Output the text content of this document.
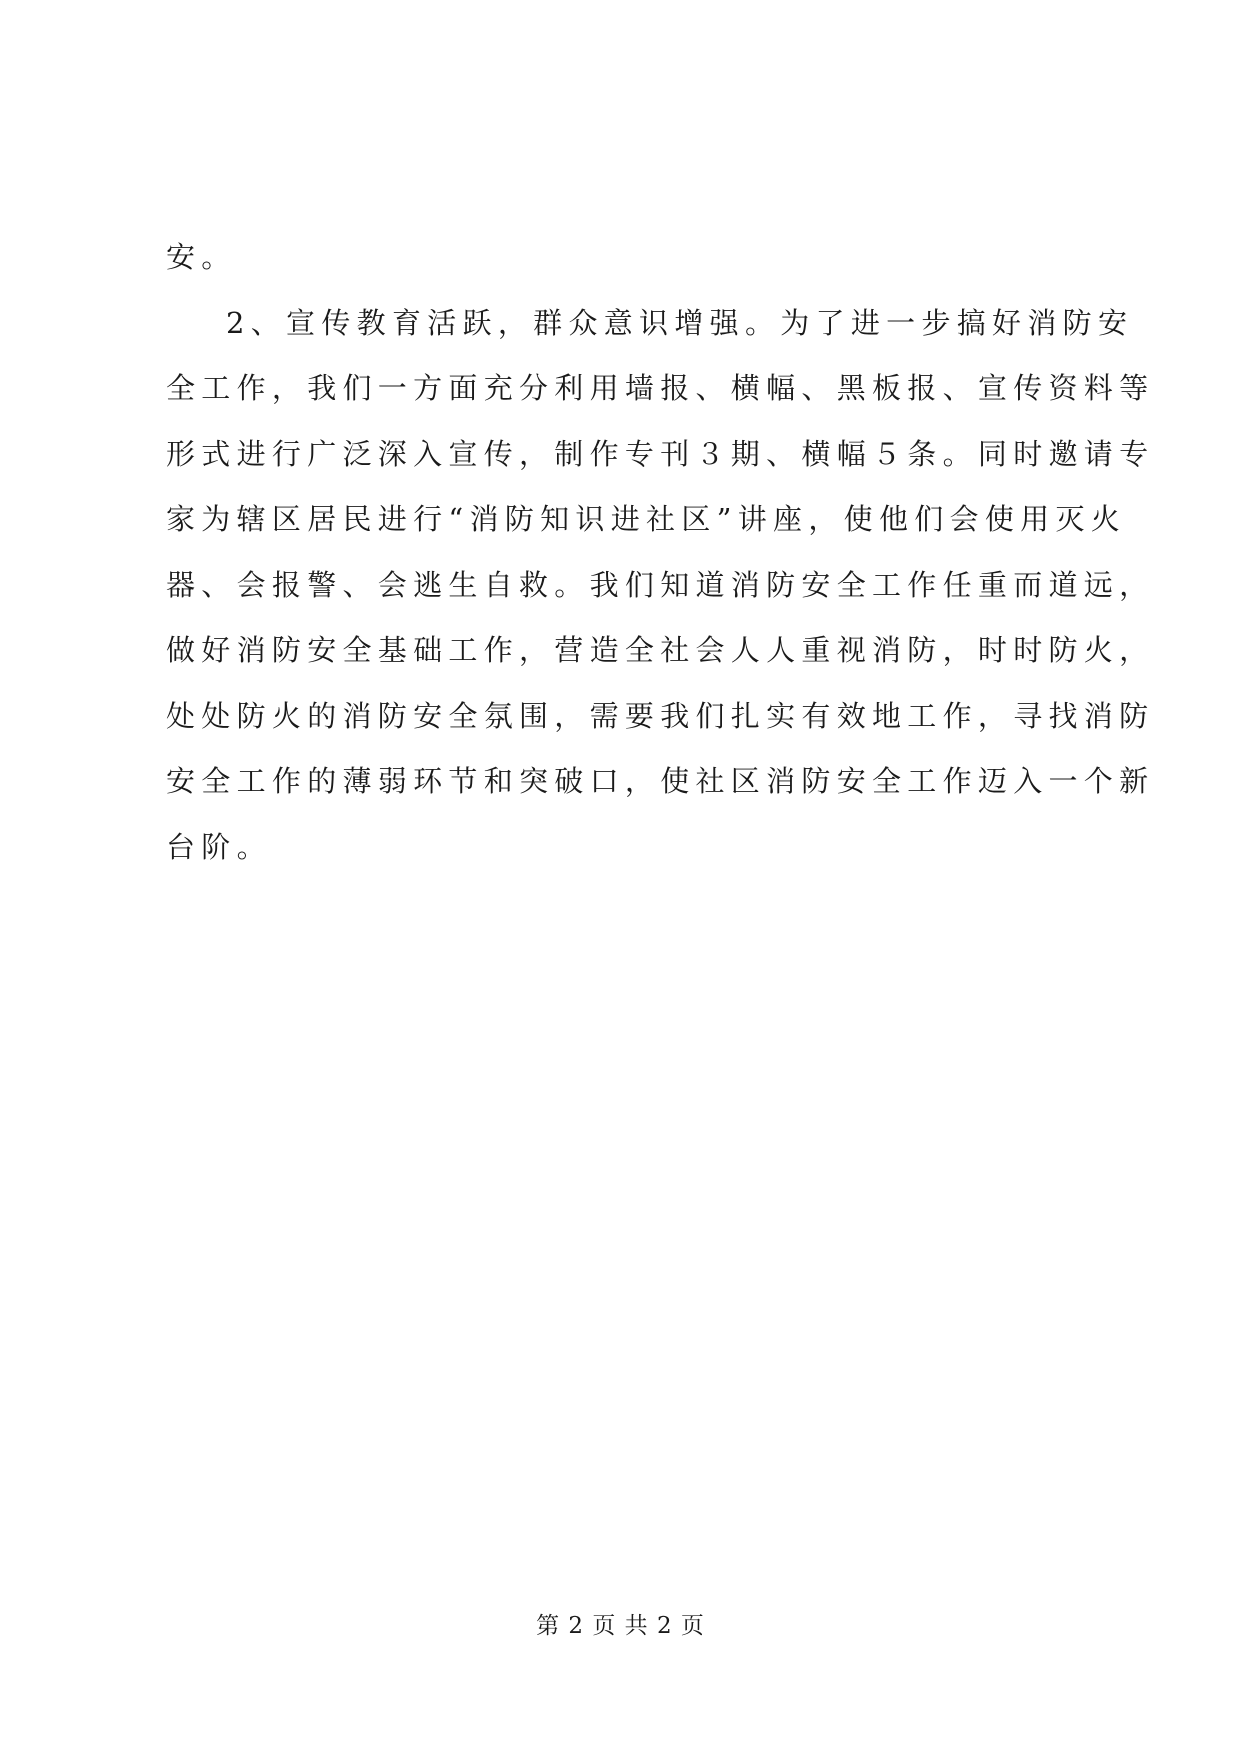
安。
2、宣传教育活跃，群众意识增强。为了进一步搞好消防安
全工作，我们一方面充分利用墙报、横幅、黑板报、宣传资料等
形式进行广泛深入宣传，制作专刊３期、横幅５条。同时邀请专
家为辖区居民进行“消防知识进社区”讲座，使他们会使用灭火
器、会报警、会逃生自救。我们知道消防安全工作任重而道远，
做好消防安全基础工作，营造全社会人人重视消防，时时防火，
处处防火的消防安全氛围，需要我们扎实有效地工作，寻找消防
安全工作的薄弱环节和突破口，使社区消防安全工作迈入一个新
台阶。
第 2 页 共 2 页
